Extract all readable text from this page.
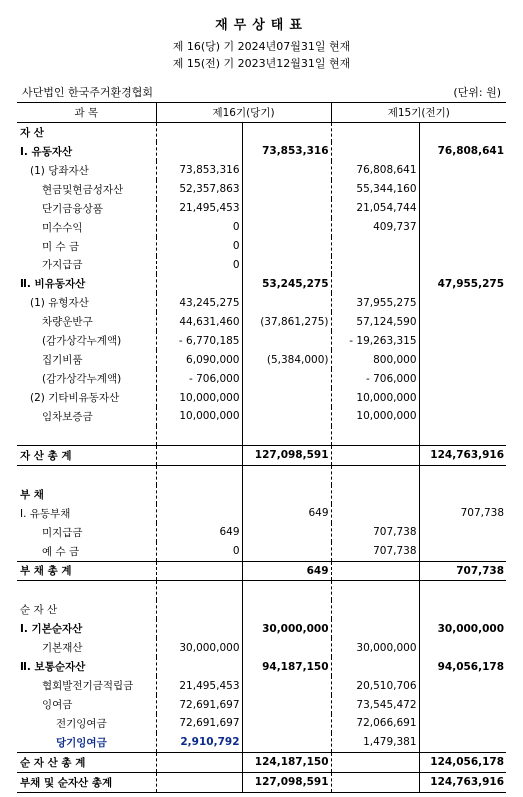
재무상태표
제 16(당) 기 2024년07월31일 현재
제 15(전) 기 2023년12월31일 현재
사단법인 한국주거환경협회	(단위: 원)
과 목	제16기(당기)		제15기(전기)	
자 산				
Ⅰ. 유동자산		73,853,316		76,808,641
(1) 당좌자산	73,853,316		76,808,641	
현금및현금성자산	52,357,863		55,344,160	
단기금융상품	21,495,453		21,054,744	
미수수익	0		409,737	
미 수 금	0			
가지급금	0			
Ⅱ. 비유동자산		53,245,275		47,955,275
(1) 유형자산	43,245,275		37,955,275	
차량운반구	44,631,460	(37,861,275)	57,124,590	
(감가상각누계액)	- 6,770,185		- 19,263,315	
집기비품	6,090,000	(5,384,000)	800,000	
(감가상각누계액)	- 706,000		- 706,000	
(2) 기타비유동자산	10,000,000		10,000,000	
임차보증금	10,000,000		10,000,000	

자 산 총 계		127,098,591		124,763,916

부 채				
Ⅰ. 유동부채		649		707,738
미지급금	649		707,738	
예 수 금	0		707,738	
부 채 총 계		649		707,738

순 자 산				
Ⅰ. 기본순자산		30,000,000		30,000,000
기본재산	30,000,000		30,000,000	
Ⅱ. 보통순자산		94,187,150		94,056,178
협회발전기금적립금	21,495,453		20,510,706	
잉여금	72,691,697		73,545,472	
전기잉여금	72,691,697		72,066,691	
당기잉여금	2,910,792		1,479,381	
순 자 산 총 계		124,187,150		124,056,178
부채 및 순자산 총계		127,098,591		124,763,916
